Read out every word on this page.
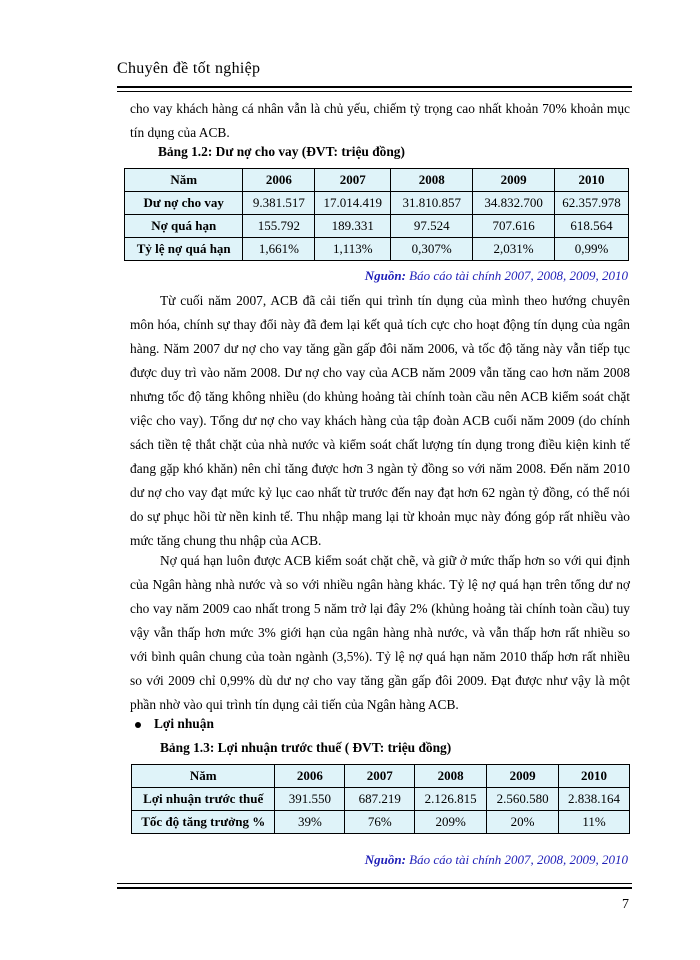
Chuyên đề tốt nghiệp
cho vay khách hàng cá nhân vẫn là chủ yếu, chiếm tỷ trọng cao nhất khoản 70% khoản mục tín dụng của ACB.
Bảng 1.2: Dư nợ cho vay (ĐVT: triệu đồng)
Năm	2006	2007	2008	2009	2010
Dư nợ cho vay	9.381.517	17.014.419	31.810.857	34.832.700	62.357.978
Nợ quá hạn	155.792	189.331	97.524	707.616	618.564
Tỷ lệ nợ quá hạn	1,661%	1,113%	0,307%	2,031%	0,99%
Nguồn: Báo cáo tài chính 2007, 2008, 2009, 2010
Từ cuối năm 2007, ACB đã cải tiến qui trình tín dụng của mình theo hướng chuyên môn hóa, chính sự thay đổi này đã đem lại kết quả tích cực cho hoạt động tín dụng của ngân hàng. Năm 2007 dư nợ cho vay tăng gần gấp đôi năm 2006, và tốc độ tăng này vẫn tiếp tục được duy trì vào năm 2008. Dư nợ cho vay của ACB năm 2009 vẫn tăng cao hơn năm 2008 nhưng tốc độ tăng không nhiều (do khủng hoảng tài chính toàn cầu nên ACB kiểm soát chặt việc cho vay). Tổng dư nợ cho vay khách hàng của tập đoàn ACB cuối năm 2009 (do chính sách tiền tệ thắt chặt của nhà nước và kiểm soát chất lượng tín dụng trong điều kiện kinh tế đang gặp khó khăn) nên chỉ tăng được hơn 3 ngàn tỷ đồng so với năm 2008. Đến năm 2010 dư nợ cho vay đạt mức kỷ lục cao nhất từ trước đến nay đạt hơn 62 ngàn tỷ đồng, có thể nói do sự phục hồi từ nền kinh tế. Thu nhập mang lại từ khoản mục này đóng góp rất nhiều vào mức tăng chung thu nhập của ACB.
Nợ quá hạn luôn được ACB kiểm soát chặt chẽ, và giữ ở mức thấp hơn so với qui định của Ngân hàng nhà nước và so với nhiều ngân hàng khác. Tỷ lệ nợ quá hạn trên tổng dư nợ cho vay năm 2009 cao nhất trong 5 năm trở lại đây 2% (khủng hoảng tài chính toàn cầu) tuy vậy vẫn thấp hơn mức 3% giới hạn của ngân hàng nhà nước, và vẫn thấp hơn rất nhiều so với bình quân chung của toàn ngành (3,5%). Tỷ lệ nợ quá hạn năm 2010 thấp hơn rất nhiều so với 2009 chỉ 0,99% dù dư nợ cho vay tăng gần gấp đôi 2009. Đạt được như vậy là một phần nhờ vào qui trình tín dụng cải tiến của Ngân hàng ACB.
Lợi nhuận
Bảng 1.3: Lợi nhuận trước thuế ( ĐVT: triệu đồng)
Năm	2006	2007	2008	2009	2010
Lợi nhuận trước thuế	391.550	687.219	2.126.815	2.560.580	2.838.164
Tốc độ tăng trưởng %	39%	76%	209%	20%	11%
Nguồn: Báo cáo tài chính 2007, 2008, 2009, 2010
7
